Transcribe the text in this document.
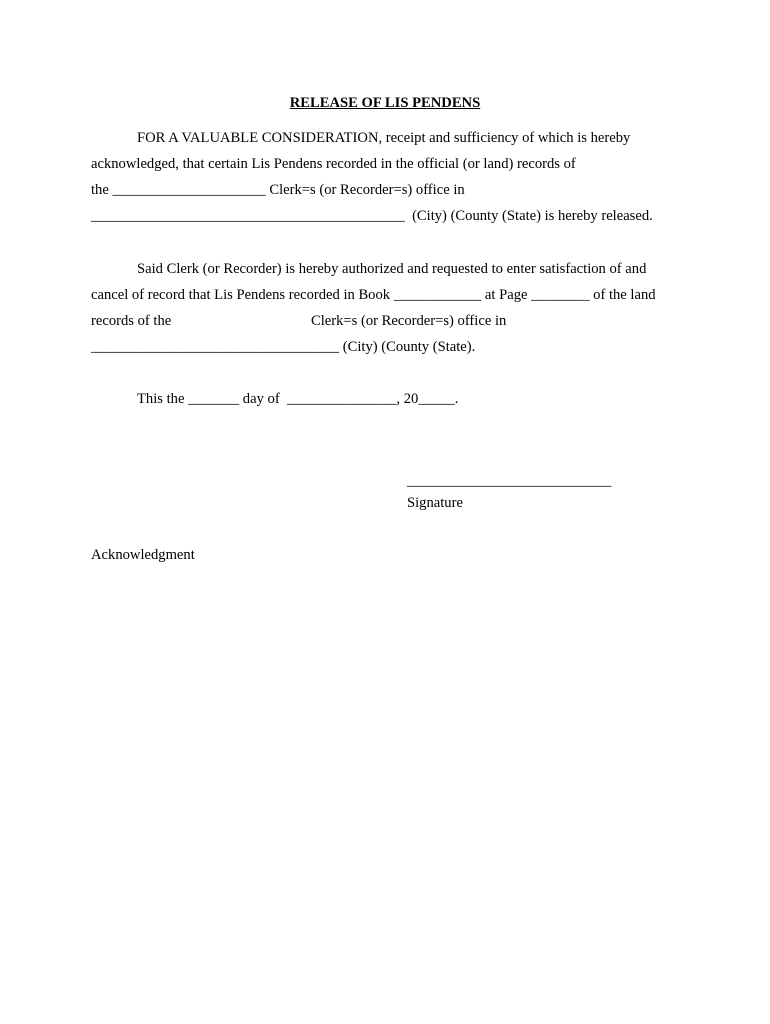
RELEASE OF LIS PENDENS
FOR A VALUABLE CONSIDERATION, receipt and sufficiency of which is hereby
acknowledged, that certain Lis Pendens recorded in the official (or land) records of
the _____________________ Clerk=s (or Recorder=s) office in
___________________________________________  (City) (County (State) is hereby released.
Said Clerk (or Recorder) is hereby authorized and requested to enter satisfaction of and
cancel of record that Lis Pendens recorded in Book ____________ at Page ________ of the land
records of the	Clerk=s (or Recorder=s) office in
__________________________________ (City) (County (State).
This the _______ day of  _______________, 20_____.
____________________________
Signature
Acknowledgment
